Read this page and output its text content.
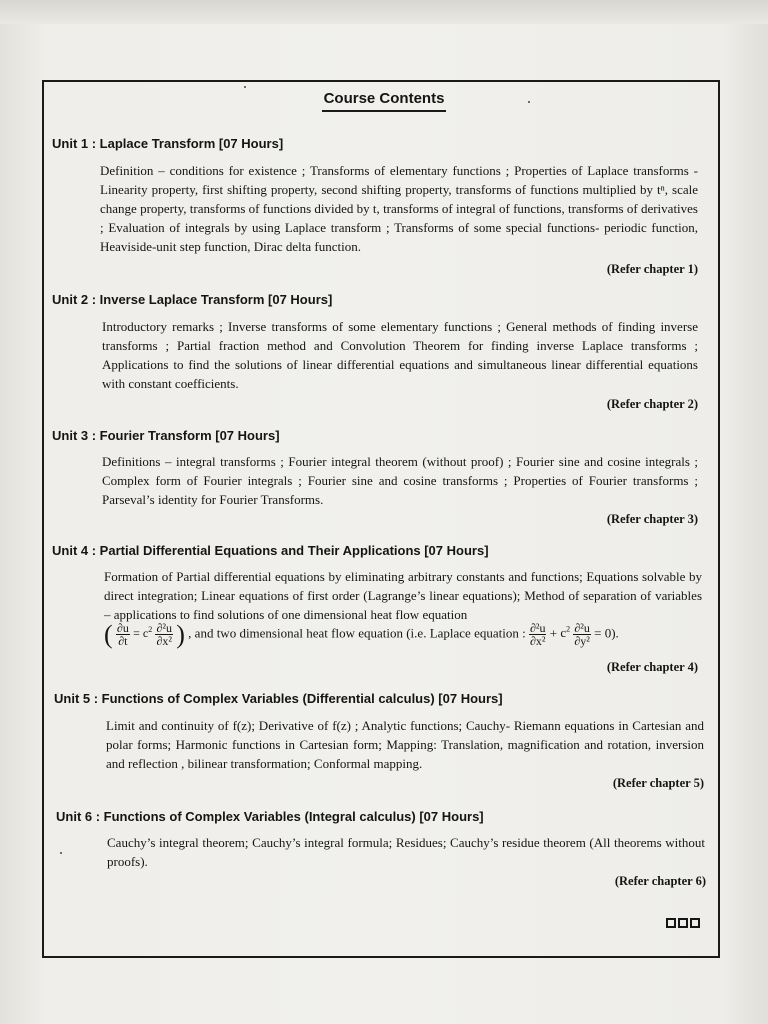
Course Contents
Unit 1 : Laplace Transform [07 Hours]
Definition – conditions for existence ; Transforms of elementary functions ; Properties of Laplace transforms - Linearity property, first shifting property, second shifting property, transforms of functions multiplied by tⁿ, scale change property, transforms of functions divided by t, transforms of integral of functions, transforms of derivatives ; Evaluation of integrals by using Laplace transform ; Transforms of some special functions- periodic function, Heaviside-unit step function, Dirac delta function.
(Refer chapter 1)
Unit 2 : Inverse Laplace Transform [07 Hours]
Introductory remarks ; Inverse transforms of some elementary functions ; General methods of finding inverse transforms ; Partial fraction method and Convolution Theorem for finding inverse Laplace transforms ; Applications to find the solutions of linear differential equations and simultaneous linear differential equations with constant coefficients.
(Refer chapter 2)
Unit 3 : Fourier Transform [07 Hours]
Definitions – integral transforms ; Fourier integral theorem (without proof) ; Fourier sine and cosine integrals ; Complex form of Fourier integrals ; Fourier sine and cosine transforms ; Properties of Fourier transforms ; Parseval’s identity for Fourier Transforms.
(Refer chapter 3)
Unit 4 : Partial Differential Equations and Their Applications [07 Hours]
Formation of Partial differential equations by eliminating arbitrary constants and functions; Equations solvable by direct integration; Linear equations of first order (Lagrange’s linear equations); Method of separation of variables – applications to find solutions of one dimensional heat flow equation
( $\frac{\partial u}{\partial t} = c^2 \frac{\text{∂²u}}{\text{∂x²}}$ ) , and two dimensional heat flow equation (i.e. Laplace equation : $\frac{\text{∂²u}}{\text{∂x²}} + c^2 \frac{\text{∂²u}}{\text{∂y²}} = 0$).
(Refer chapter 4)
Unit 5 : Functions of Complex Variables (Differential calculus) [07 Hours]
Limit and continuity of f(z); Derivative of f(z) ; Analytic functions; Cauchy- Riemann equations in Cartesian and polar forms; Harmonic functions in Cartesian form; Mapping: Translation, magnification and rotation, inversion and reflection , bilinear transformation; Conformal mapping.
(Refer chapter 5)
Unit 6 : Functions of Complex Variables (Integral calculus) [07 Hours]
Cauchy’s integral theorem; Cauchy’s integral formula; Residues; Cauchy’s residue theorem (All theorems without proofs).
(Refer chapter 6)
